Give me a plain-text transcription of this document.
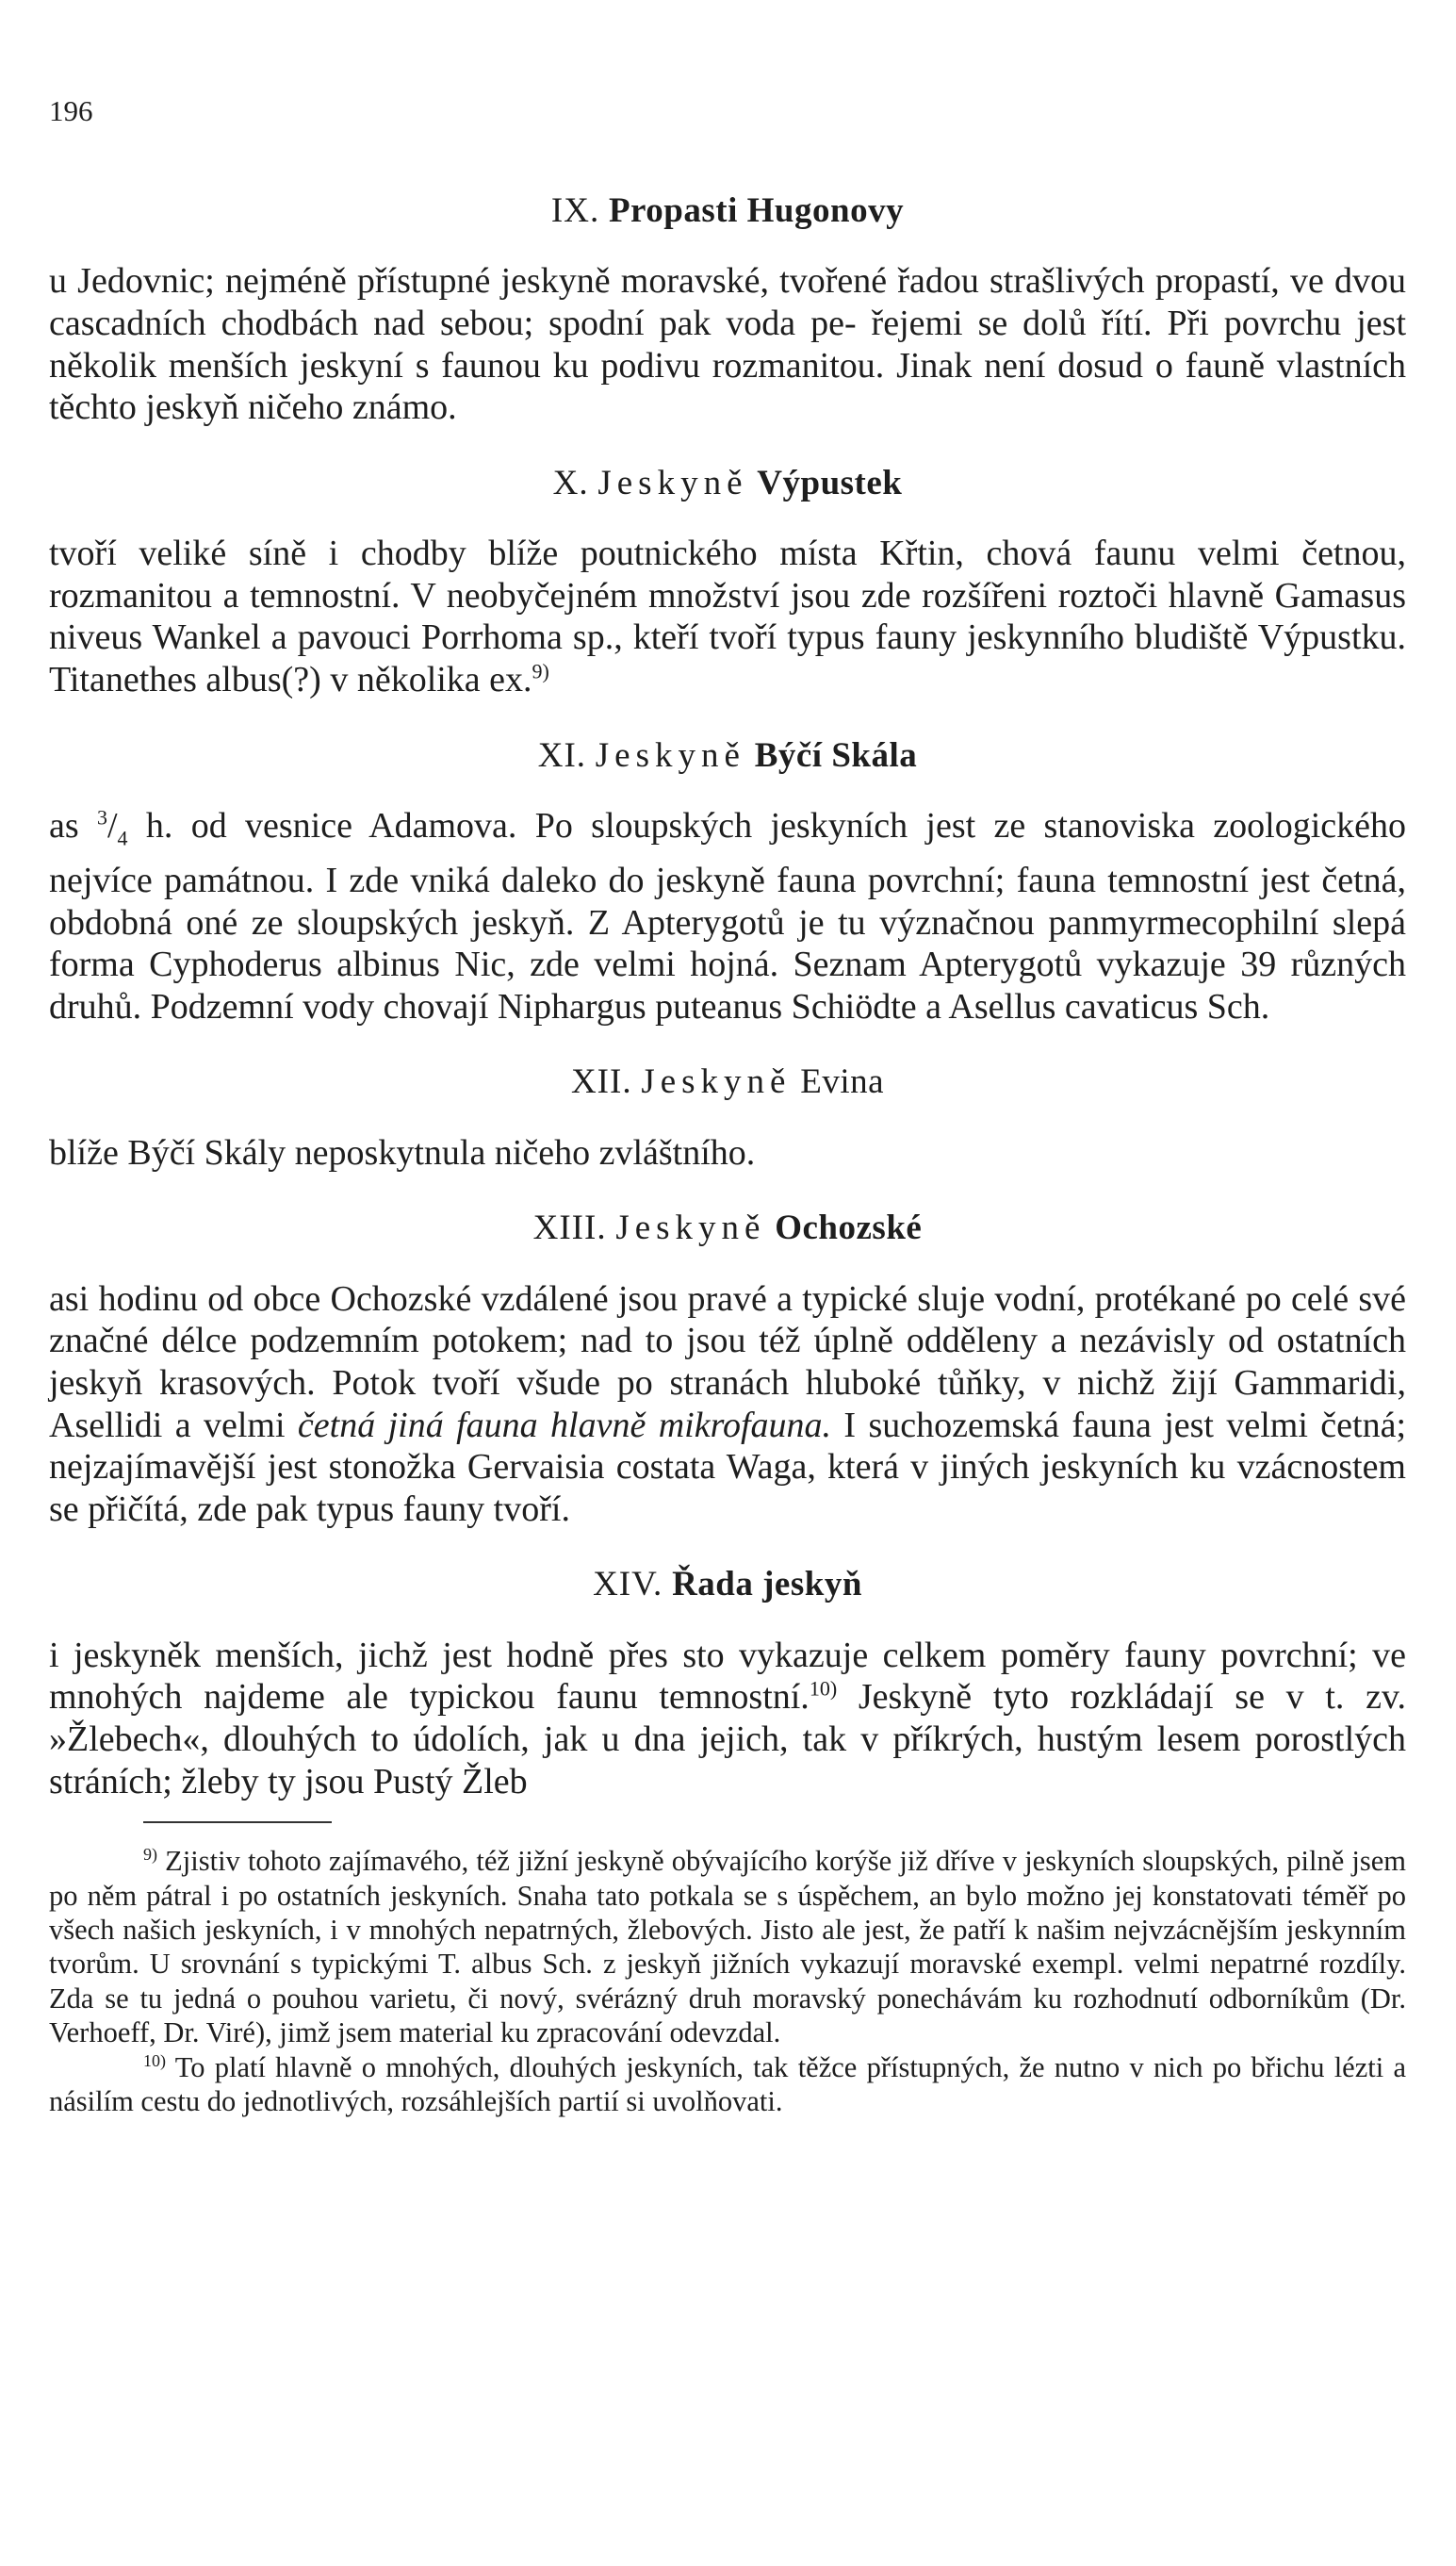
196
IX. Propasti Hugonovy

u Jedovnic; nejméně přístupné jeskyně moravské, tvořené řadou strašlivých propastí, ve dvou cascadních chodbách nad sebou; spodní pak voda pe- řejemi se dolů řítí. Při povrchu jest několik menších jeskyní s faunou ku podivu rozmanitou. Jinak není dosud o fauně vlastních těchto jeskyň ničeho známo.

X. Jeskyně Výpustek

tvoří veliké síně i chodby blíže poutnického místa Křtin, chová faunu velmi četnou, rozmanitou a temnostní. V neobyčejném množství jsou zde rozšířeni roztoči hlavně Gamasus niveus Wankel a pavouci Porrhoma sp., kteří tvoří typus fauny jeskynního bludiště Výpustku. Titanethes albus(?) v několika ex.$^{9)}$

XI. Jeskyně Býčí Skála

as $^3/_4$ h. od vesnice Adamova. Po sloupských jeskyních jest ze stanoviska zoologického nejvíce památnou. I zde vniká daleko do jeskyně fauna povrchní; fauna temnostní jest četná, obdobná oné ze sloupských jeskyň. Z Apterygotů je tu význačnou panmyrmecophilní slepá forma Cyphoderus albinus Nic, zde velmi hojná. Seznam Apterygotů vykazuje 39 různých druhů. Podzemní vody chovají Niphargus puteanus Schiödte a Asellus cavaticus Sch.

XII. Jeskyně Evina

blíže Býčí Skály neposkytnula ničeho zvláštního.

XIII. Jeskyně Ochozské

asi hodinu od obce Ochozské vzdálené jsou pravé a typické sluje vodní, protékané po celé své značné délce podzemním potokem; nad to jsou též úplně odděleny a nezávisly od ostatních jeskyň krasových. Potok tvoří všude po stranách hluboké tůňky, v nichž žijí Gammaridi, Asellidi a velmi četná jiná fauna hlavně mikrofauna. I suchozemská fauna jest velmi četná; nejzajímavější jest stonožka Gervaisia costata Waga, která v jiných jeskyních ku vzácnostem se přičítá, zde pak typus fauny tvoří.

XIV. Řada jeskyň

i jeskyněk menších, jichž jest hodně přes sto vykazuje celkem poměry fauny povrchní; ve mnohých najdeme ale typickou faunu temnostní.$^{10)}$ Jeskyně tyto rozkládají se v t. zv. »Žlebech«, dlouhých to údolích, jak u dna jejich, tak v příkrých, hustým lesem porostlých stráních; žleby ty jsou Pustý Žleb

$^{9)}$ Zjistiv tohoto zajímavého, též jižní jeskyně obývajícího korýše již dříve v jeskyních sloupských, pilně jsem po něm pátral i po ostatních jeskyních. Snaha tato potkala se s úspěchem, an bylo možno jej konstatovati téměř po všech našich jeskyních, i v mnohých nepatrných, žlebových. Jisto ale jest, že patří k našim nejvzácnějším jeskynním tvorům. U srovnání s typickými T. albus Sch. z jeskyň jižních vykazují moravské exempl. velmi nepatrné rozdíly. Zda se tu jedná o pouhou varietu, či nový, svérázný druh moravský ponechávám ku rozhodnutí odborníkům (Dr. Verhoeff, Dr. Viré), jimž jsem material ku zpracování odevzdal.

$^{10)}$ To platí hlavně o mnohých, dlouhých jeskyních, tak těžce přístupných, že nutno v nich po břichu lézti a násilím cestu do jednotlivých, rozsáhlejších partií si uvolňovati.
